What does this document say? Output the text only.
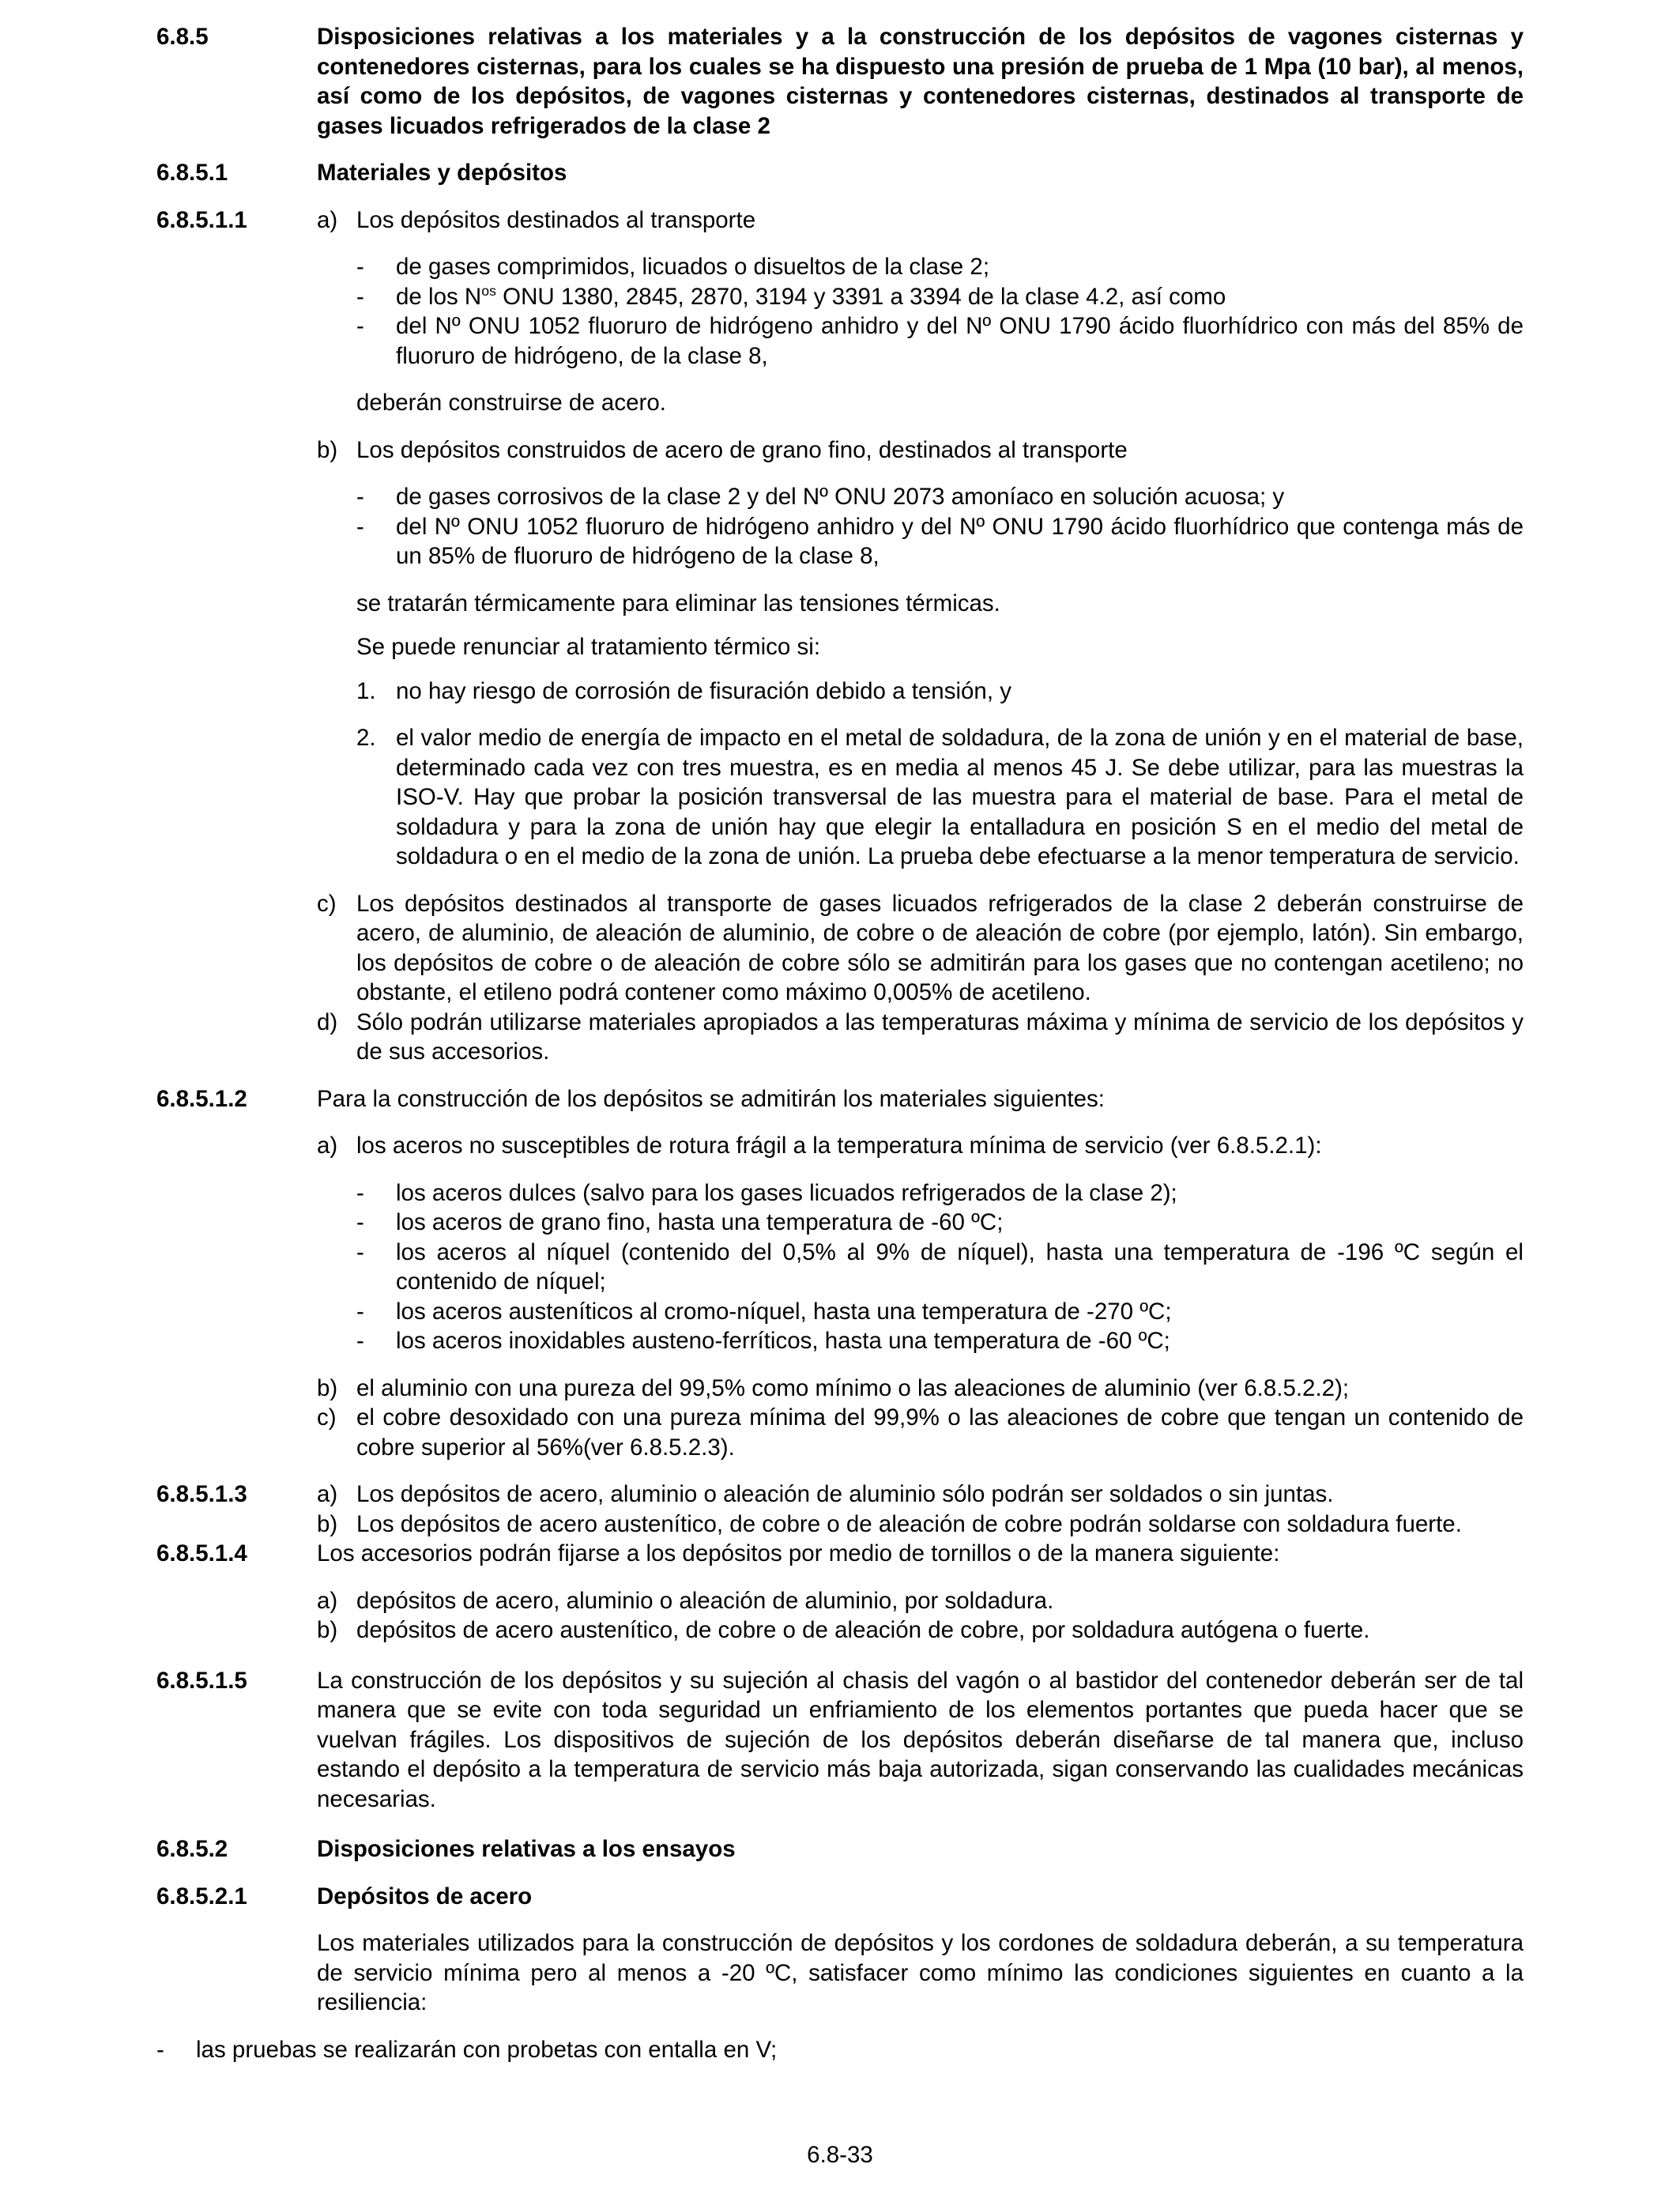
6.8.5	Disposiciones relativas a los materiales y a la construcción de los depósitos de vagones cisternas y contenedores cisternas, para los cuales se ha dispuesto una presión de prueba de 1 Mpa (10 bar), al menos, así como de los depósitos, de vagones cisternas y contenedores cisternas, destinados al transporte de gases licuados refrigerados de la clase 2
6.8.5.1	Materiales y depósitos
6.8.5.1.1	a) Los depósitos destinados al transporte
-	de gases comprimidos, licuados o disueltos de la clase 2;
-	de los $N^{os}$ ONU 1380, 2845, 2870, 3194 y 3391 a 3394 de la clase 4.2, así como
-	del Nº ONU 1052 fluoruro de hidrógeno anhidro y del Nº ONU 1790 ácido fluorhídrico con más del 85% de fluoruro de hidrógeno, de la clase 8,
deberán construirse de acero.
b) Los depósitos construidos de acero de grano fino, destinados al transporte
-	de gases corrosivos de la clase 2 y del Nº ONU 2073 amoníaco en solución acuosa; y
-	del Nº ONU 1052 fluoruro de hidrógeno anhidro y del Nº ONU 1790 ácido fluorhídrico que contenga más de un 85% de fluoruro de hidrógeno de la clase 8,
se tratarán térmicamente para eliminar las tensiones térmicas.
Se puede renunciar al tratamiento térmico si:
1. no hay riesgo de corrosión de fisuración debido a tensión, y
2. el valor medio de energía de impacto en el metal de soldadura, de la zona de unión y en el material de base, determinado cada vez con tres muestra, es en media al menos 45 J. Se debe utilizar, para las muestras la ISO-V. Hay que probar la posición transversal de las muestra para el material de base. Para el metal de soldadura y para la zona de unión hay que elegir la entalladura en posición S en el medio del metal de soldadura o en el medio de la zona de unión. La prueba debe efectuarse a la menor temperatura de servicio.
c) Los depósitos destinados al transporte de gases licuados refrigerados de la clase 2 deberán construirse de acero, de aluminio, de aleación de aluminio, de cobre o de aleación de cobre (por ejemplo, latón). Sin embargo, los depósitos de cobre o de aleación de cobre sólo se admitirán para los gases que no contengan acetileno; no obstante, el etileno podrá contener como máximo 0,005% de acetileno.
d) Sólo podrán utilizarse materiales apropiados a las temperaturas máxima y mínima de servicio de los depósitos y de sus accesorios.
6.8.5.1.2	Para la construcción de los depósitos se admitirán los materiales siguientes:
a) los aceros no susceptibles de rotura frágil a la temperatura mínima de servicio (ver 6.8.5.2.1):
-	los aceros dulces (salvo para los gases licuados refrigerados de la clase 2);
-	los aceros de grano fino, hasta una temperatura de -60 ºC;
-	los aceros al níquel (contenido del 0,5% al 9% de níquel), hasta una temperatura de -196 ºC según el contenido de níquel;
-	los aceros austeníticos al cromo-níquel, hasta una temperatura de -270 ºC;
-	los aceros inoxidables austeno-ferríticos, hasta una temperatura de -60 ºC;
b) el aluminio con una pureza del 99,5% como mínimo o las aleaciones de aluminio (ver 6.8.5.2.2);
c) el cobre desoxidado con una pureza mínima del 99,9% o las aleaciones de cobre que tengan un contenido de cobre superior al 56%(ver 6.8.5.2.3).
6.8.5.1.3	a) Los depósitos de acero, aluminio o aleación de aluminio sólo podrán ser soldados o sin juntas.
b) Los depósitos de acero austenítico, de cobre o de aleación de cobre podrán soldarse con soldadura fuerte.
6.8.5.1.4	Los accesorios podrán fijarse a los depósitos por medio de tornillos o de la manera siguiente:
a) depósitos de acero, aluminio o aleación de aluminio, por soldadura.
b) depósitos de acero austenítico, de cobre o de aleación de cobre, por soldadura autógena o fuerte.
6.8.5.1.5	La construcción de los depósitos y su sujeción al chasis del vagón o al bastidor del contenedor deberán ser de tal manera que se evite con toda seguridad un enfriamiento de los elementos portantes que pueda hacer que se vuelvan frágiles. Los dispositivos de sujeción de los depósitos deberán diseñarse de tal manera que, incluso estando el depósito a la temperatura de servicio más baja autorizada, sigan conservando las cualidades mecánicas necesarias.
6.8.5.2	Disposiciones relativas a los ensayos
6.8.5.2.1	Depósitos de acero
Los materiales utilizados para la construcción de depósitos y los cordones de soldadura deberán, a su temperatura de servicio mínima pero al menos a -20 ºC, satisfacer como mínimo las condiciones siguientes en cuanto a la resiliencia:
-	las pruebas se realizarán con probetas con entalla en V;
6.8-33
